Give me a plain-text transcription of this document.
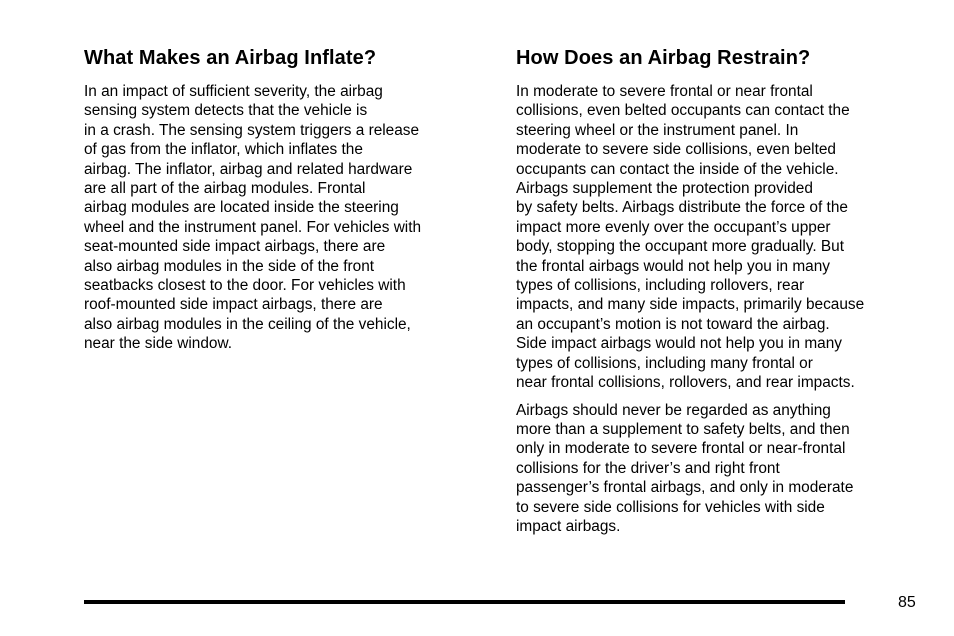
What Makes an Airbag Inflate?

In an impact of sufficient severity, the airbag
sensing system detects that the vehicle is
in a crash. The sensing system triggers a release
of gas from the inflator, which inflates the
airbag. The inflator, airbag and related hardware
are all part of the airbag modules. Frontal
airbag modules are located inside the steering
wheel and the instrument panel. For vehicles with
seat-mounted side impact airbags, there are
also airbag modules in the side of the front
seatbacks closest to the door. For vehicles with
roof-mounted side impact airbags, there are
also airbag modules in the ceiling of the vehicle,
near the side window.

How Does an Airbag Restrain?

In moderate to severe frontal or near frontal
collisions, even belted occupants can contact the
steering wheel or the instrument panel. In
moderate to severe side collisions, even belted
occupants can contact the inside of the vehicle.
Airbags supplement the protection provided
by safety belts. Airbags distribute the force of the
impact more evenly over the occupant’s upper
body, stopping the occupant more gradually. But
the frontal airbags would not help you in many
types of collisions, including rollovers, rear
impacts, and many side impacts, primarily because
an occupant’s motion is not toward the airbag.
Side impact airbags would not help you in many
types of collisions, including many frontal or
near frontal collisions, rollovers, and rear impacts.

Airbags should never be regarded as anything
more than a supplement to safety belts, and then
only in moderate to severe frontal or near-frontal
collisions for the driver’s and right front
passenger’s frontal airbags, and only in moderate
to severe side collisions for vehicles with side
impact airbags.

85
